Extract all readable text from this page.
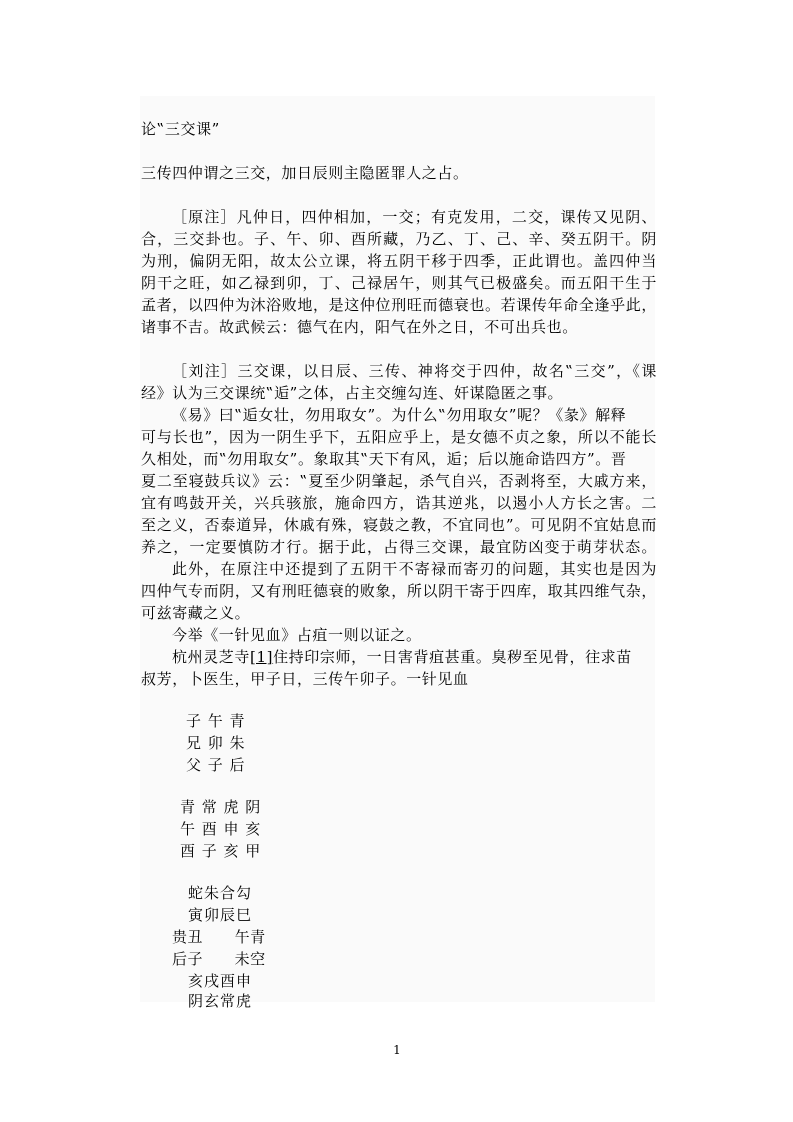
论‟三交课”
三传四仲谓之三交，加日辰则主隐匿罪人之占。
［原注］凡仲日，四仲相加，一交；有克发用，二交，课传又见阴、
合，三交卦也。子、午、卯、酉所藏，乃乙、丁、己、辛、癸五阴干。阴
为刑，偏阴无阳，故太公立课，将五阴干移于四季，正此谓也。盖四仲当
阴干之旺，如乙禄到卯，丁、己禄居午，则其气已极盛矣。而五阳干生于
孟者，以四仲为沐浴败地，是这仲位刑旺而德衰也。若课传年命全逢乎此，
诸事不吉。故武候云：德气在内，阳气在外之日，不可出兵也。
［刘注］三交课，以日辰、三传、神将交于四仲，故名‟三交”，《课
经》认为三交课统‟逅”之体，占主交缠勾连、奸谋隐匿之事。
《易》曰‟逅女壮，勿用取女”。为什么‟勿用取女”呢？《彖》解释
可与长也”，因为一阴生乎下，五阳应乎上，是女德不贞之象，所以不能长
久相处，而‟勿用取女”。象取其‟天下有风，逅；后以施命诰四方”。晋
夏二至寝鼓兵议》云：‟夏至少阴肇起，杀气自兴，否剥将至，大戚方来，
宜有鸣鼓开关，兴兵骇旅，施命四方，诰其逆兆，以遏小人方长之害。二
至之义，否泰道异，休戚有殊，寝鼓之教，不宜同也”。可见阴不宜姑息而
养之，一定要慎防才行。据于此，占得三交课，最宜防凶变于萌芽状态。
此外，在原注中还提到了五阴干不寄禄而寄刃的问题，其实也是因为
四仲气专而阴，又有刑旺德衰的败象，所以阴干寄于四库，取其四维气杂，
可兹寄藏之义。
今举《一针见血》占疽一则以证之。
杭州灵芝寺[1]住持印宗师，一日害背疽甚重。臭秽至见骨，往求苗
叔芳，卜医生，甲子日，三传午卯子。一针见血
子 午 青
兄 卯 朱
父 子 后
青 常 虎 阴
午 酉 申 亥
酉 子 亥 甲
蛇朱合勾
寅卯辰巳
贵丑      午青
后子      未空
亥戌酉申
阴玄常虎
1
